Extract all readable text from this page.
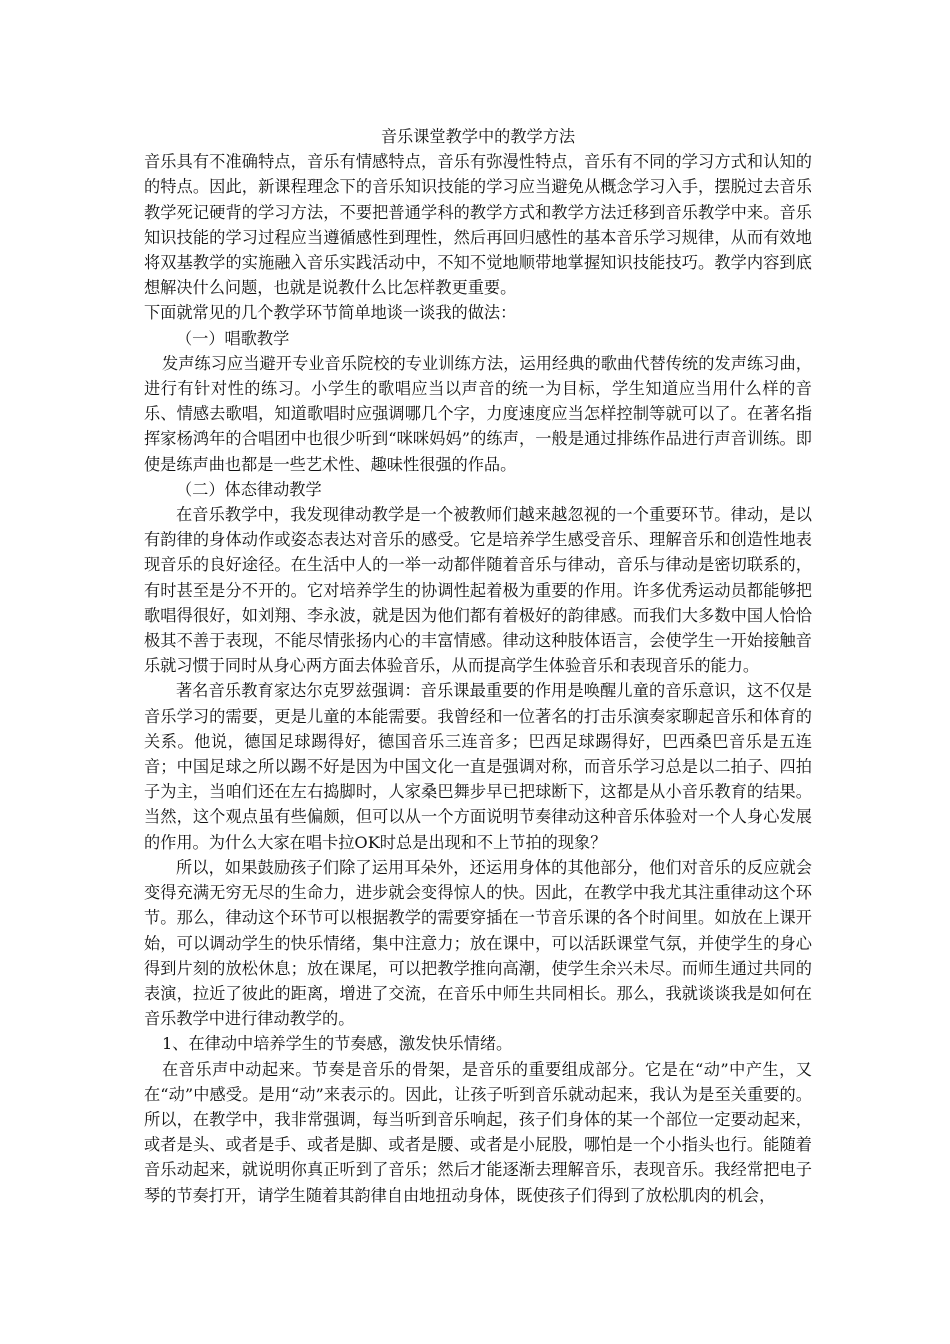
音乐课堂教学中的教学方法

音乐具有不准确特点，音乐有情感特点，音乐有弥漫性特点，音乐有不同的学习方式和认知的的特点。因此，新课程理念下的音乐知识技能的学习应当避免从概念学习入手，摆脱过去音乐教学死记硬背的学习方法，不要把普通学科的教学方式和教学方法迁移到音乐教学中来。音乐知识技能的学习过程应当遵循感性到理性，然后再回归感性的基本音乐学习规律，从而有效地将双基教学的实施融入音乐实践活动中，不知不觉地顺带地掌握知识技能技巧。教学内容到底想解决什么问题，也就是说教什么比怎样教更重要。

下面就常见的几个教学环节简单地谈一谈我的做法：

（一）唱歌教学

发声练习应当避开专业音乐院校的专业训练方法，运用经典的歌曲代替传统的发声练习曲，进行有针对性的练习。小学生的歌唱应当以声音的统一为目标，学生知道应当用什么样的音乐、情感去歌唱，知道歌唱时应强调哪几个字，力度速度应当怎样控制等就可以了。在著名指挥家杨鸿年的合唱团中也很少听到“咪咪妈妈”的练声，一般是通过排练作品进行声音训练。即使是练声曲也都是一些艺术性、趣味性很强的作品。

（二）体态律动教学

在音乐教学中，我发现律动教学是一个被教师们越来越忽视的一个重要环节。律动，是以有韵律的身体动作或姿态表达对音乐的感受。它是培养学生感受音乐、理解音乐和创造性地表现音乐的良好途径。在生活中人的一举一动都伴随着音乐与律动，音乐与律动是密切联系的，有时甚至是分不开的。它对培养学生的协调性起着极为重要的作用。许多优秀运动员都能够把歌唱得很好，如刘翔、李永波，就是因为他们都有着极好的韵律感。而我们大多数中国人恰恰极其不善于表现，不能尽情张扬内心的丰富情感。律动这种肢体语言，会使学生一开始接触音乐就习惯于同时从身心两方面去体验音乐，从而提高学生体验音乐和表现音乐的能力。

著名音乐教育家达尔克罗兹强调：音乐课最重要的作用是唤醒儿童的音乐意识，这不仅是音乐学习的需要，更是儿童的本能需要。我曾经和一位著名的打击乐演奏家聊起音乐和体育的关系。他说，德国足球踢得好，德国音乐三连音多；巴西足球踢得好，巴西桑巴音乐是五连音；中国足球之所以踢不好是因为中国文化一直是强调对称，而音乐学习总是以二拍子、四拍子为主，当咱们还在左右捣脚时，人家桑巴舞步早已把球断下，这都是从小音乐教育的结果。当然，这个观点虽有些偏颇，但可以从一个方面说明节奏律动这种音乐体验对一个人身心发展的作用。为什么大家在唱卡拉OK时总是出现和不上节拍的现象？

所以，如果鼓励孩子们除了运用耳朵外，还运用身体的其他部分，他们对音乐的反应就会变得充满无穷无尽的生命力，进步就会变得惊人的快。因此，在教学中我尤其注重律动这个环节。那么，律动这个环节可以根据教学的需要穿插在一节音乐课的各个时间里。如放在上课开始，可以调动学生的快乐情绪，集中注意力；放在课中，可以活跃课堂气氛，并使学生的身心得到片刻的放松休息；放在课尾，可以把教学推向高潮，使学生余兴未尽。而师生通过共同的表演，拉近了彼此的距离，增进了交流，在音乐中师生共同相长。那么，我就谈谈我是如何在音乐教学中进行律动教学的。

1、在律动中培养学生的节奏感，激发快乐情绪。

在音乐声中动起来。节奏是音乐的骨架，是音乐的重要组成部分。它是在“动”中产生，又在“动”中感受。是用“动”来表示的。因此，让孩子听到音乐就动起来，我认为是至关重要的。所以，在教学中，我非常强调，每当听到音乐响起，孩子们身体的某一个部位一定要动起来，或者是头、或者是手、或者是脚、或者是腰、或者是小屁股，哪怕是一个小指头也行。能随着音乐动起来，就说明你真正听到了音乐；然后才能逐渐去理解音乐，表现音乐。我经常把电子琴的节奏打开，请学生随着其韵律自由地扭动身体，既使孩子们得到了放松肌肉的机会，
